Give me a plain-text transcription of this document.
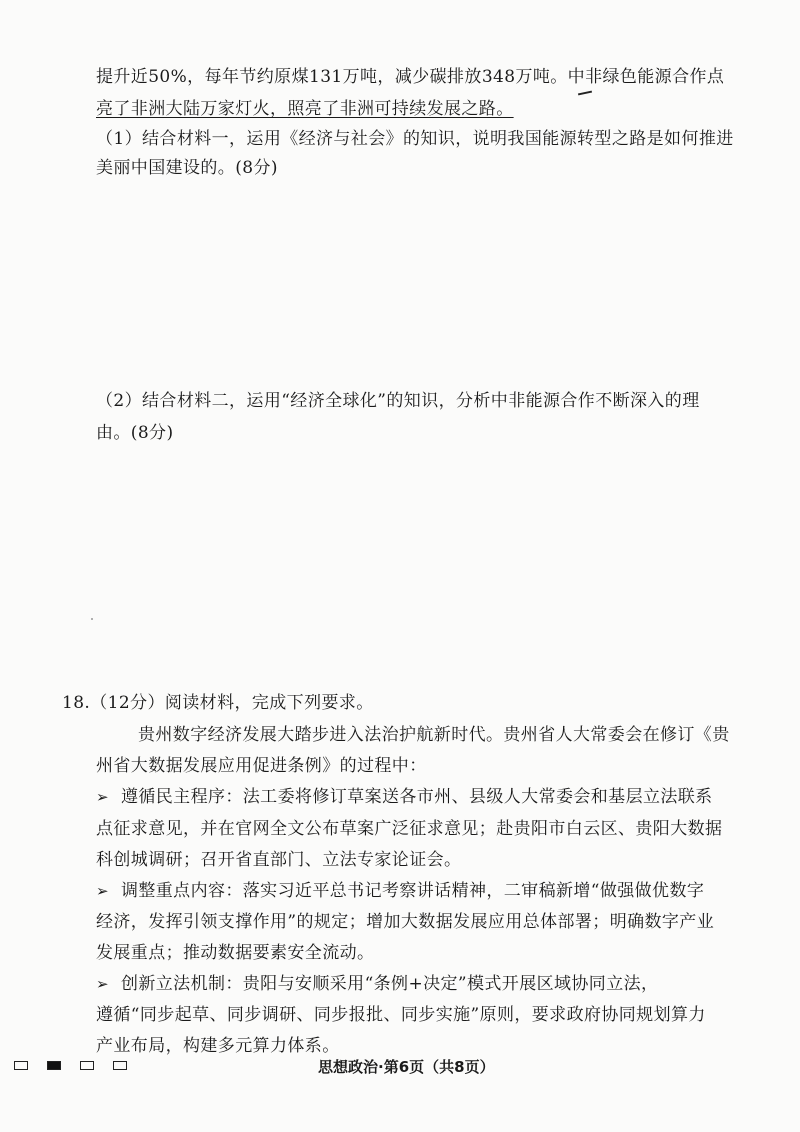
提升近50%，每年节约原煤131万吨，减少碳排放348万吨。中非绿色能源合作点
亮了非洲大陆万家灯火，照亮了非洲可持续发展之路。
（1）结合材料一，运用《经济与社会》的知识，说明我国能源转型之路是如何推进
美丽中国建设的。(8分)
（2）结合材料二，运用“经济全球化”的知识，分析中非能源合作不断深入的理
由。(8分)
18.（12分）阅读材料，完成下列要求。
贵州数字经济发展大踏步进入法治护航新时代。贵州省人大常委会在修订《贵
州省大数据发展应用促进条例》的过程中：
➢ 遵循民主程序：法工委将修订草案送各市州、县级人大常委会和基层立法联系
点征求意见，并在官网全文公布草案广泛征求意见；赴贵阳市白云区、贵阳大数据
科创城调研；召开省直部门、立法专家论证会。
➢ 调整重点内容：落实习近平总书记考察讲话精神，二审稿新增“做强做优数字
经济，发挥引领支撑作用”的规定；增加大数据发展应用总体部署；明确数字产业
发展重点；推动数据要素安全流动。
➢ 创新立法机制：贵阳与安顺采用“条例+决定”模式开展区域协同立法，
遵循“同步起草、同步调研、同步报批、同步实施”原则，要求政府协同规划算力
产业布局，构建多元算力体系。
思想政治·第6页（共8页）
